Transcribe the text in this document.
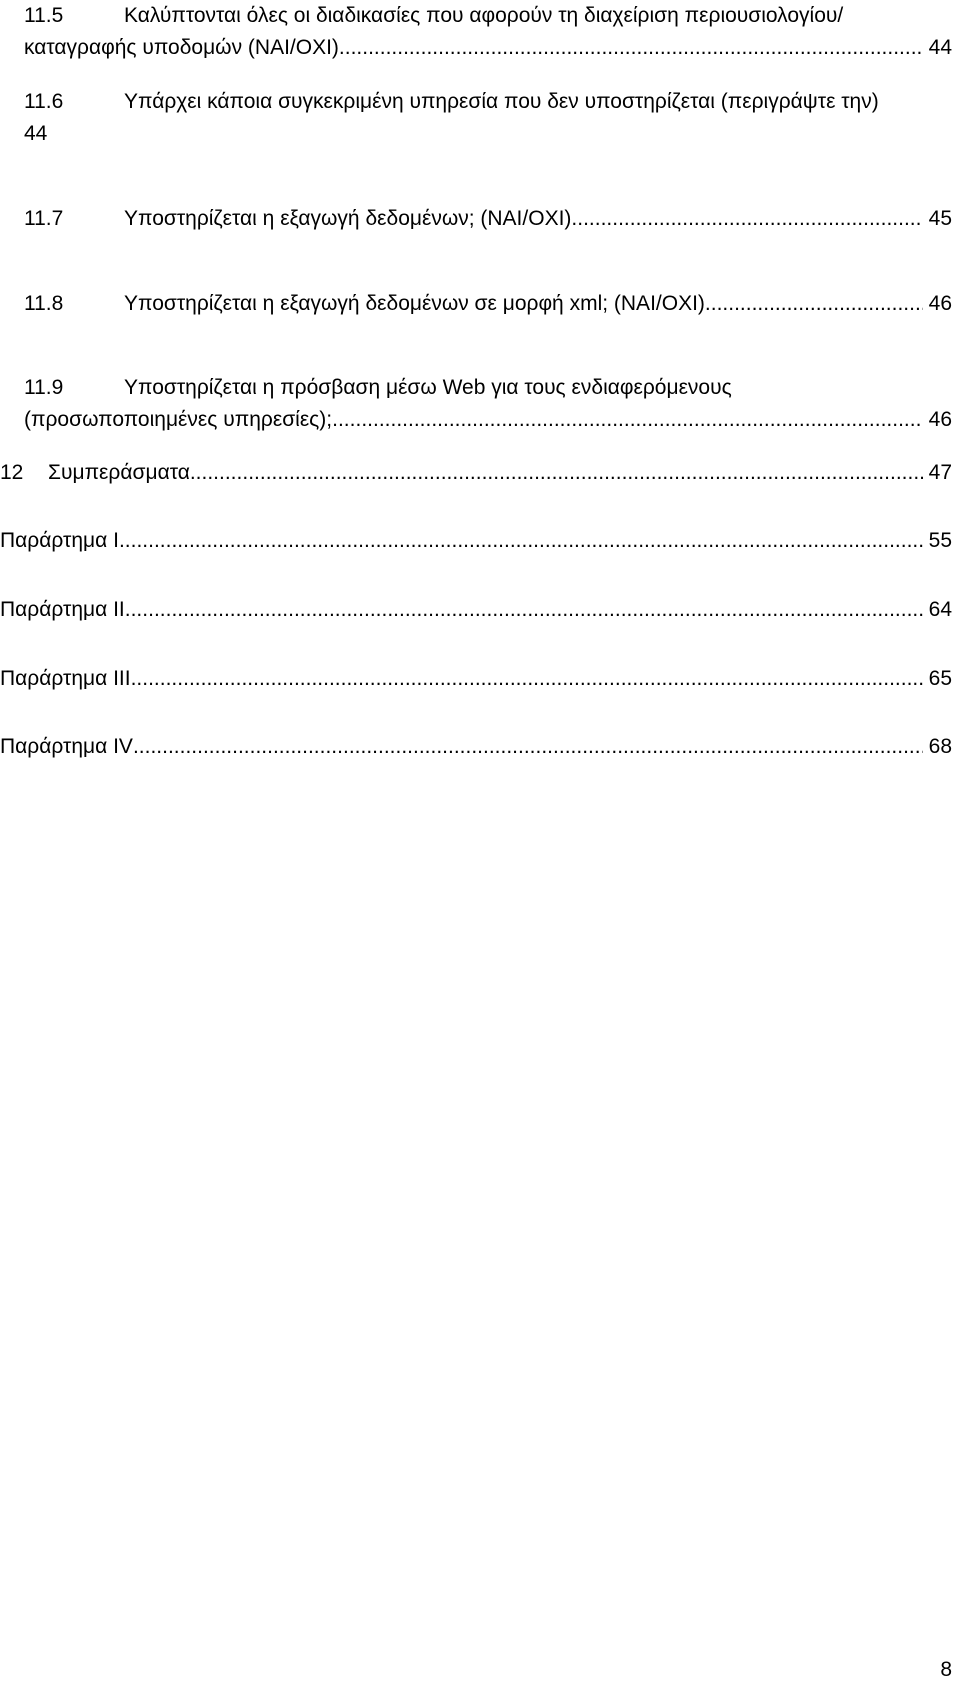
11.5	Καλύπτονται όλες οι διαδικασίες που αφορούν τη διαχείριση περιουσιολογίου/
καταγραφής υποδομών (ΝΑΙ/ΟΧΙ) .....	44
11.6	Υπάρχει κάποια συγκεκριμένη υπηρεσία που δεν υποστηρίζεται (περιγράψτε την)
44
11.7	Υποστηρίζεται η εξαγωγή δεδομένων; (ΝΑΙ/ΟΧΙ) .....	45
11.8	Υποστηρίζεται η εξαγωγή δεδομένων σε μορφή xml; (ΝΑΙ/ΟΧΙ) .....	46
11.9	Υποστηρίζεται η πρόσβαση μέσω Web για τους ενδιαφερόμενους
(προσωποποιημένες υπηρεσίες); .....	46
12	Συμπεράσματα .....	47
Παράρτημα Ι .....	55
Παράρτημα ΙΙ .....	64
Παράρτημα ΙΙΙ .....	65
Παράρτημα IV .....	68
8
